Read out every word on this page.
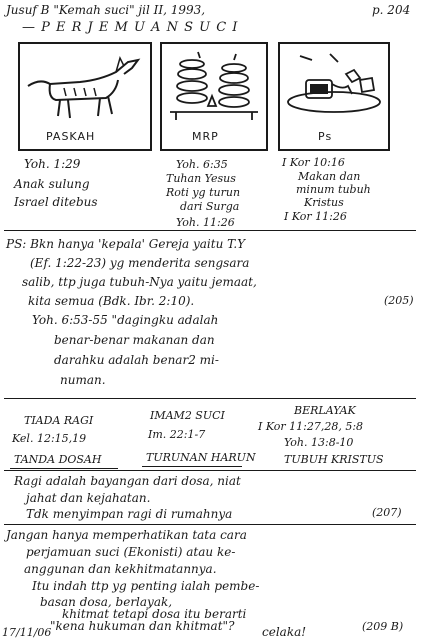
Jusuf B "Kemah suci" jil II, 1993,	p. 204
— P E R J E M U A N S U C I
PASKAH	MRP	Ps
Yoh. 1:29
Anak sulung
Israel ditebus
Yoh. 6:35
Tuhan Yesus
Roti yg turun
dari Surga
Yoh. 11:26
I Kor 10:16
Makan dan
minum tubuh
Kristus
I Kor 11:26
PS: Bkn hanya 'kepala' Gereja yaitu T.Y
(Ef. 1:22-23) yg menderita sengsara
salib, ttp juga tubuh-Nya yaitu jemaat,
kita semua (Bdk. Ibr. 2:10).	(205)
Yoh. 6:53-55 "dagingku adalah
benar-benar makanan dan
darahku adalah benar2 mi-
numan.
TIADA RAGI
Kel. 12:15,19
TANDA DOSAH
IMAM2 SUCI
Im. 22:1-7
TURUNAN HARUN
BERLAYAK
I Kor 11:27,28, 5:8
Yoh. 13:8-10
TUBUH KRISTUS
Ragi adalah bayangan dari dosa, niat
jahat dan kejahatan.
Tdk menyimpan ragi di rumahnya	(207)
Jangan hanya memperhatikan tata cara
perjamuan suci (Ekonisti) atau ke-
anggunan dan kekhitmatannya.
Itu indah ttp yg penting ialah pembe-
basan dosa, berlayak,
khitmat tetapi dosa itu berarti
"kena hukuman dan khitmat"? celaka!
17/11/06	(209 B)
